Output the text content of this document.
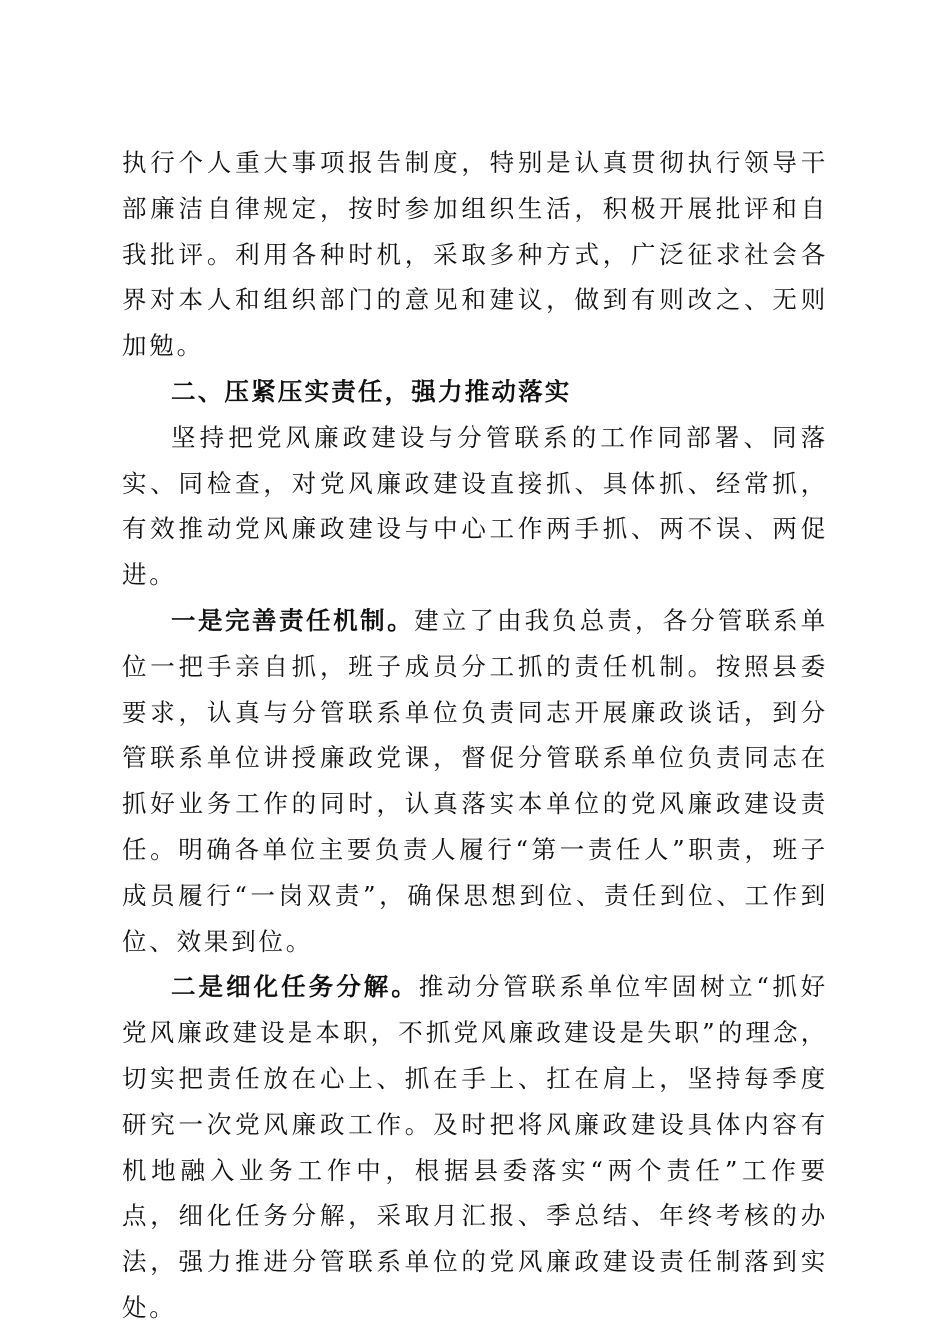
执行个人重大事项报告制度，特别是认真贯彻执行领导干部廉洁自律规定，按时参加组织生活，积极开展批评和自我批评。利用各种时机，采取多种方式，广泛征求社会各界对本人和组织部门的意见和建议，做到有则改之、无则加勉。

二、压紧压实责任，强力推动落实

坚持把党风廉政建设与分管联系的工作同部署、同落实、同检查，对党风廉政建设直接抓、具体抓、经常抓，有效推动党风廉政建设与中心工作两手抓、两不误、两促进。

一是完善责任机制。建立了由我负总责，各分管联系单位一把手亲自抓，班子成员分工抓的责任机制。按照县委要求，认真与分管联系单位负责同志开展廉政谈话，到分管联系单位讲授廉政党课，督促分管联系单位负责同志在抓好业务工作的同时，认真落实本单位的党风廉政建设责任。明确各单位主要负责人履行“第一责任人”职责，班子成员履行“一岗双责”，确保思想到位、责任到位、工作到位、效果到位。

二是细化任务分解。推动分管联系单位牢固树立“抓好党风廉政建设是本职，不抓党风廉政建设是失职”的理念，切实把责任放在心上、抓在手上、扛在肩上，坚持每季度研究一次党风廉政工作。及时把将风廉政建设具体内容有机地融入业务工作中，根据县委落实“两个责任”工作要点，细化任务分解，采取月汇报、季总结、年终考核的办法，强力推进分管联系单位的党风廉政建设责任制落到实处。
